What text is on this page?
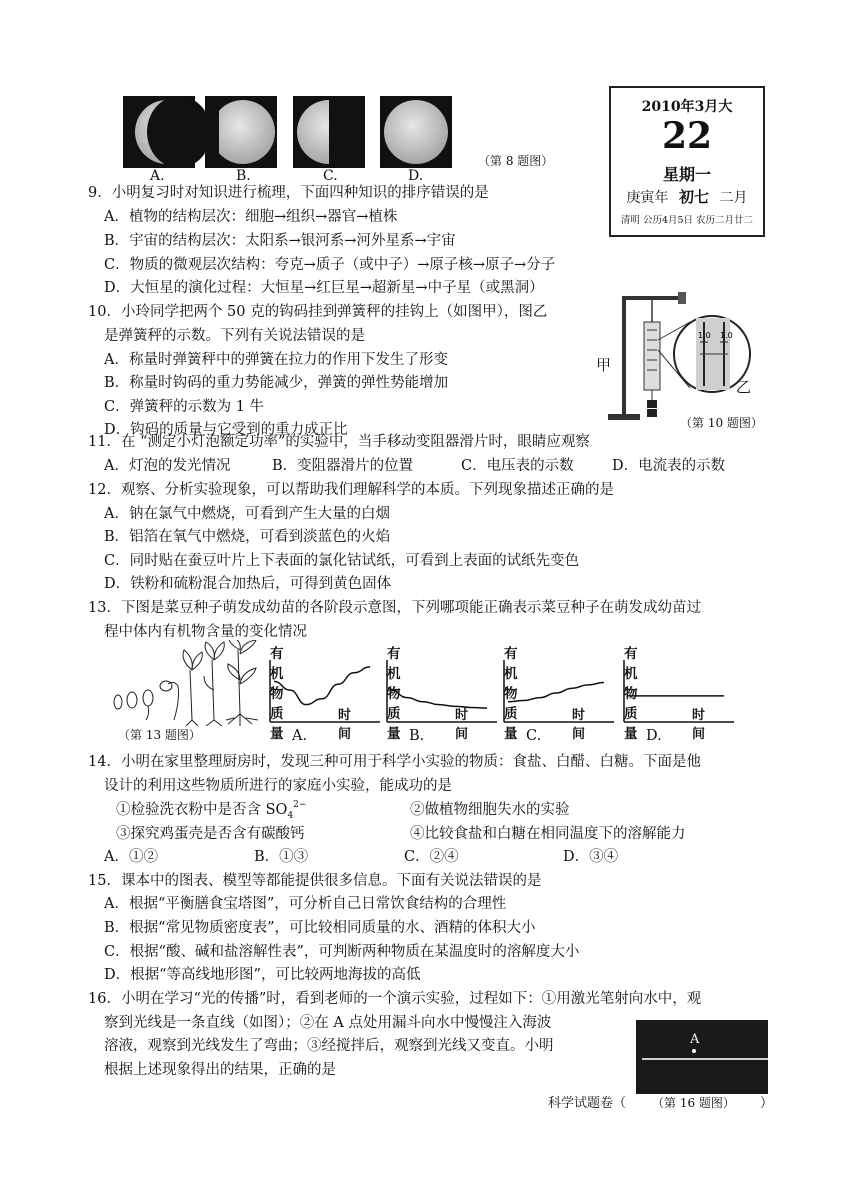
A.	B.	C.	D.
（第 8 题图）
2010年3月大
22
星期一
庚寅年 初七 二月
清明 公历4月5日 农历二月廿二
9．小明复习时对知识进行梳理，下面四种知识的排序错误的是
A．植物的结构层次：细胞→组织→器官→植株
B．宇宙的结构层次：太阳系→银河系→河外星系→宇宙
C．物质的微观层次结构：夸克→质子（或中子）→原子核→原子→分子
D．大恒星的演化过程：大恒星→红巨星→超新星→中子星（或黑洞）
10．小玲同学把两个 50 克的钩码挂到弹簧秤的挂钩上（如图甲），图乙
是弹簧秤的示数。下列有关说法错误的是
A．称量时弹簧秤中的弹簧在拉力的作用下发生了形变
B．称量时钩码的重力势能减少，弹簧的弹性势能增加
C．弹簧秤的示数为 1 牛
D．钩码的质量与它受到的重力成正比
1.0 1.0
甲
乙
（第 10 题图）
11．在 “测定小灯泡额定功率”的实验中，当手移动变阻器滑片时，眼睛应观察
A．灯泡的发光情况	B．变阻器滑片的位置	C．电压表的示数	D．电流表的示数
12．观察、分析实验现象，可以帮助我们理解科学的本质。下列现象描述正确的是
A．钠在氯气中燃烧，可看到产生大量的白烟
B．铝箔在氧气中燃烧，可看到淡蓝色的火焰
C．同时贴在蚕豆叶片上下表面的氯化钴试纸，可看到上表面的试纸先变色
D．铁粉和硫粉混合加热后，可得到黄色固体
13．下图是菜豆种子萌发成幼苗的各阶段示意图，下列哪项能正确表示菜豆种子在萌发成幼苗过
程中体内有机物含量的变化情况
（第 13 题图）
有机物质量
时间
A.
有机物质量
时间
B.
有机物质量
时间
C.
有机物质量
时间
D.
14．小明在家里整理厨房时，发现三种可用于科学小实验的物质：食盐、白醋、白糖。下面是他
设计的利用这些物质所进行的家庭小实验，能成功的是
①检验洗衣粉中是否含 $SO_4^{2-}$	②做植物细胞失水的实验
③探究鸡蛋壳是否含有碳酸钙	④比较食盐和白糖在相同温度下的溶解能力
A．①②	B．①③	C．②④	D．③④
15．课本中的图表、模型等都能提供很多信息。下面有关说法错误的是
A．根据“平衡膳食宝塔图”，可分析自己日常饮食结构的合理性
B．根据“常见物质密度表”，可比较相同质量的水、酒精的体积大小
C．根据“酸、碱和盐溶解性表”，可判断两种物质在某温度时的溶解度大小
D．根据“等高线地形图”，可比较两地海拔的高低
16．小明在学习“光的传播”时，看到老师的一个演示实验，过程如下：①用激光笔射向水中，观
察到光线是一条直线（如图）；②在 A 点处用漏斗向水中慢慢注入海波
溶液，观察到光线发生了弯曲；③经搅拌后，观察到光线又变直。小明
根据上述现象得出的结果，正确的是
A
科学试题卷（ （第 16 题图） ）
